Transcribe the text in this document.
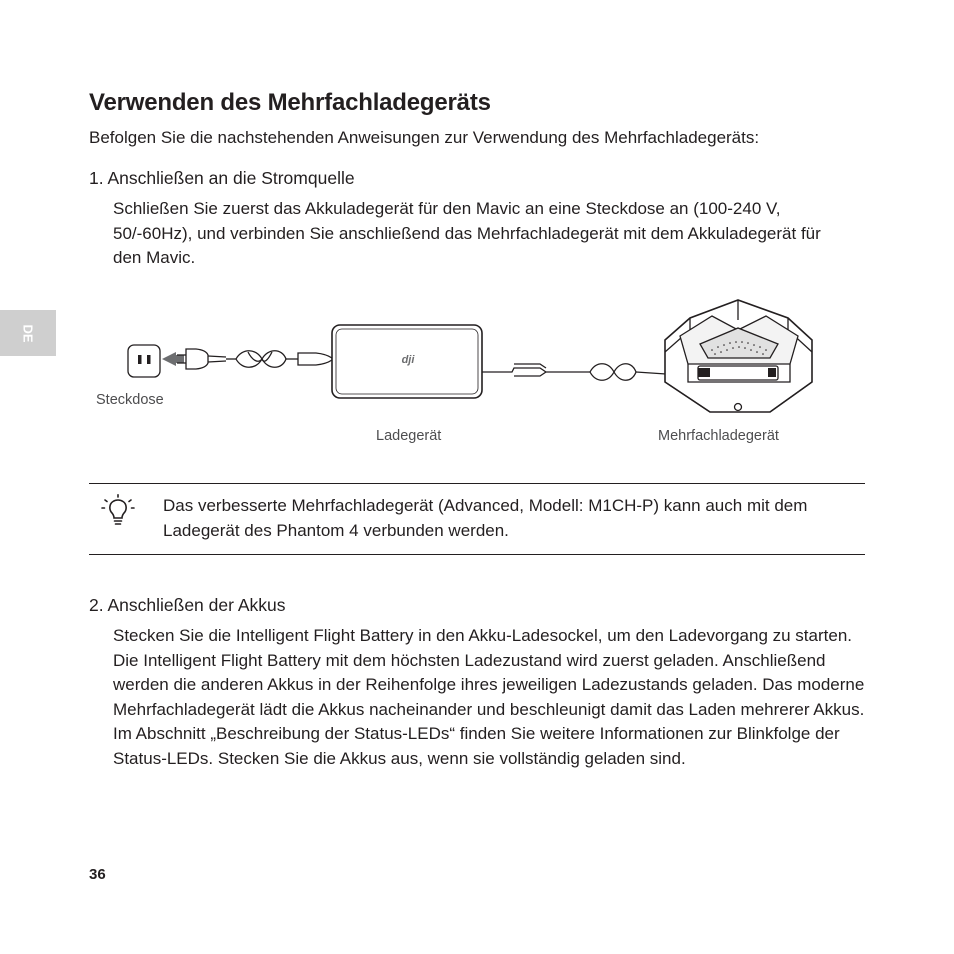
Verwenden des Mehrfachladegeräts
Befolgen Sie die nachstehenden Anweisungen zur Verwendung des Mehrfachladegeräts:
1. Anschließen an die Stromquelle

Schließen Sie zuerst das Akkuladegerät für den Mavic an eine Steckdose an (100-240 V, 50/-60Hz), und verbinden Sie anschließend das Mehrfachladegerät mit dem Akkuladegerät für den Mavic.

DE
dji
Steckdose
Ladegerät	Mehrfachladegerät
Das verbesserte Mehrfachladegerät (Advanced, Modell: M1CH-P) kann auch mit dem Ladegerät des Phantom 4 verbunden werden.
2. Anschließen der Akkus

Stecken Sie die Intelligent Flight Battery in den Akku-Ladesockel, um den Ladevorgang zu starten. Die Intelligent Flight Battery mit dem höchsten Ladezustand wird zuerst geladen. Anschließend werden die anderen Akkus in der Reihenfolge ihres jeweiligen Ladezustands geladen. Das moderne Mehrfachladegerät lädt die Akkus nacheinander und beschleunigt damit das Laden mehrerer Akkus.

Im Abschnitt „Beschreibung der Status-LEDs“ finden Sie weitere Informationen zur Blinkfolge der Status-LEDs. Stecken Sie die Akkus aus, wenn sie vollständig geladen sind.

36
